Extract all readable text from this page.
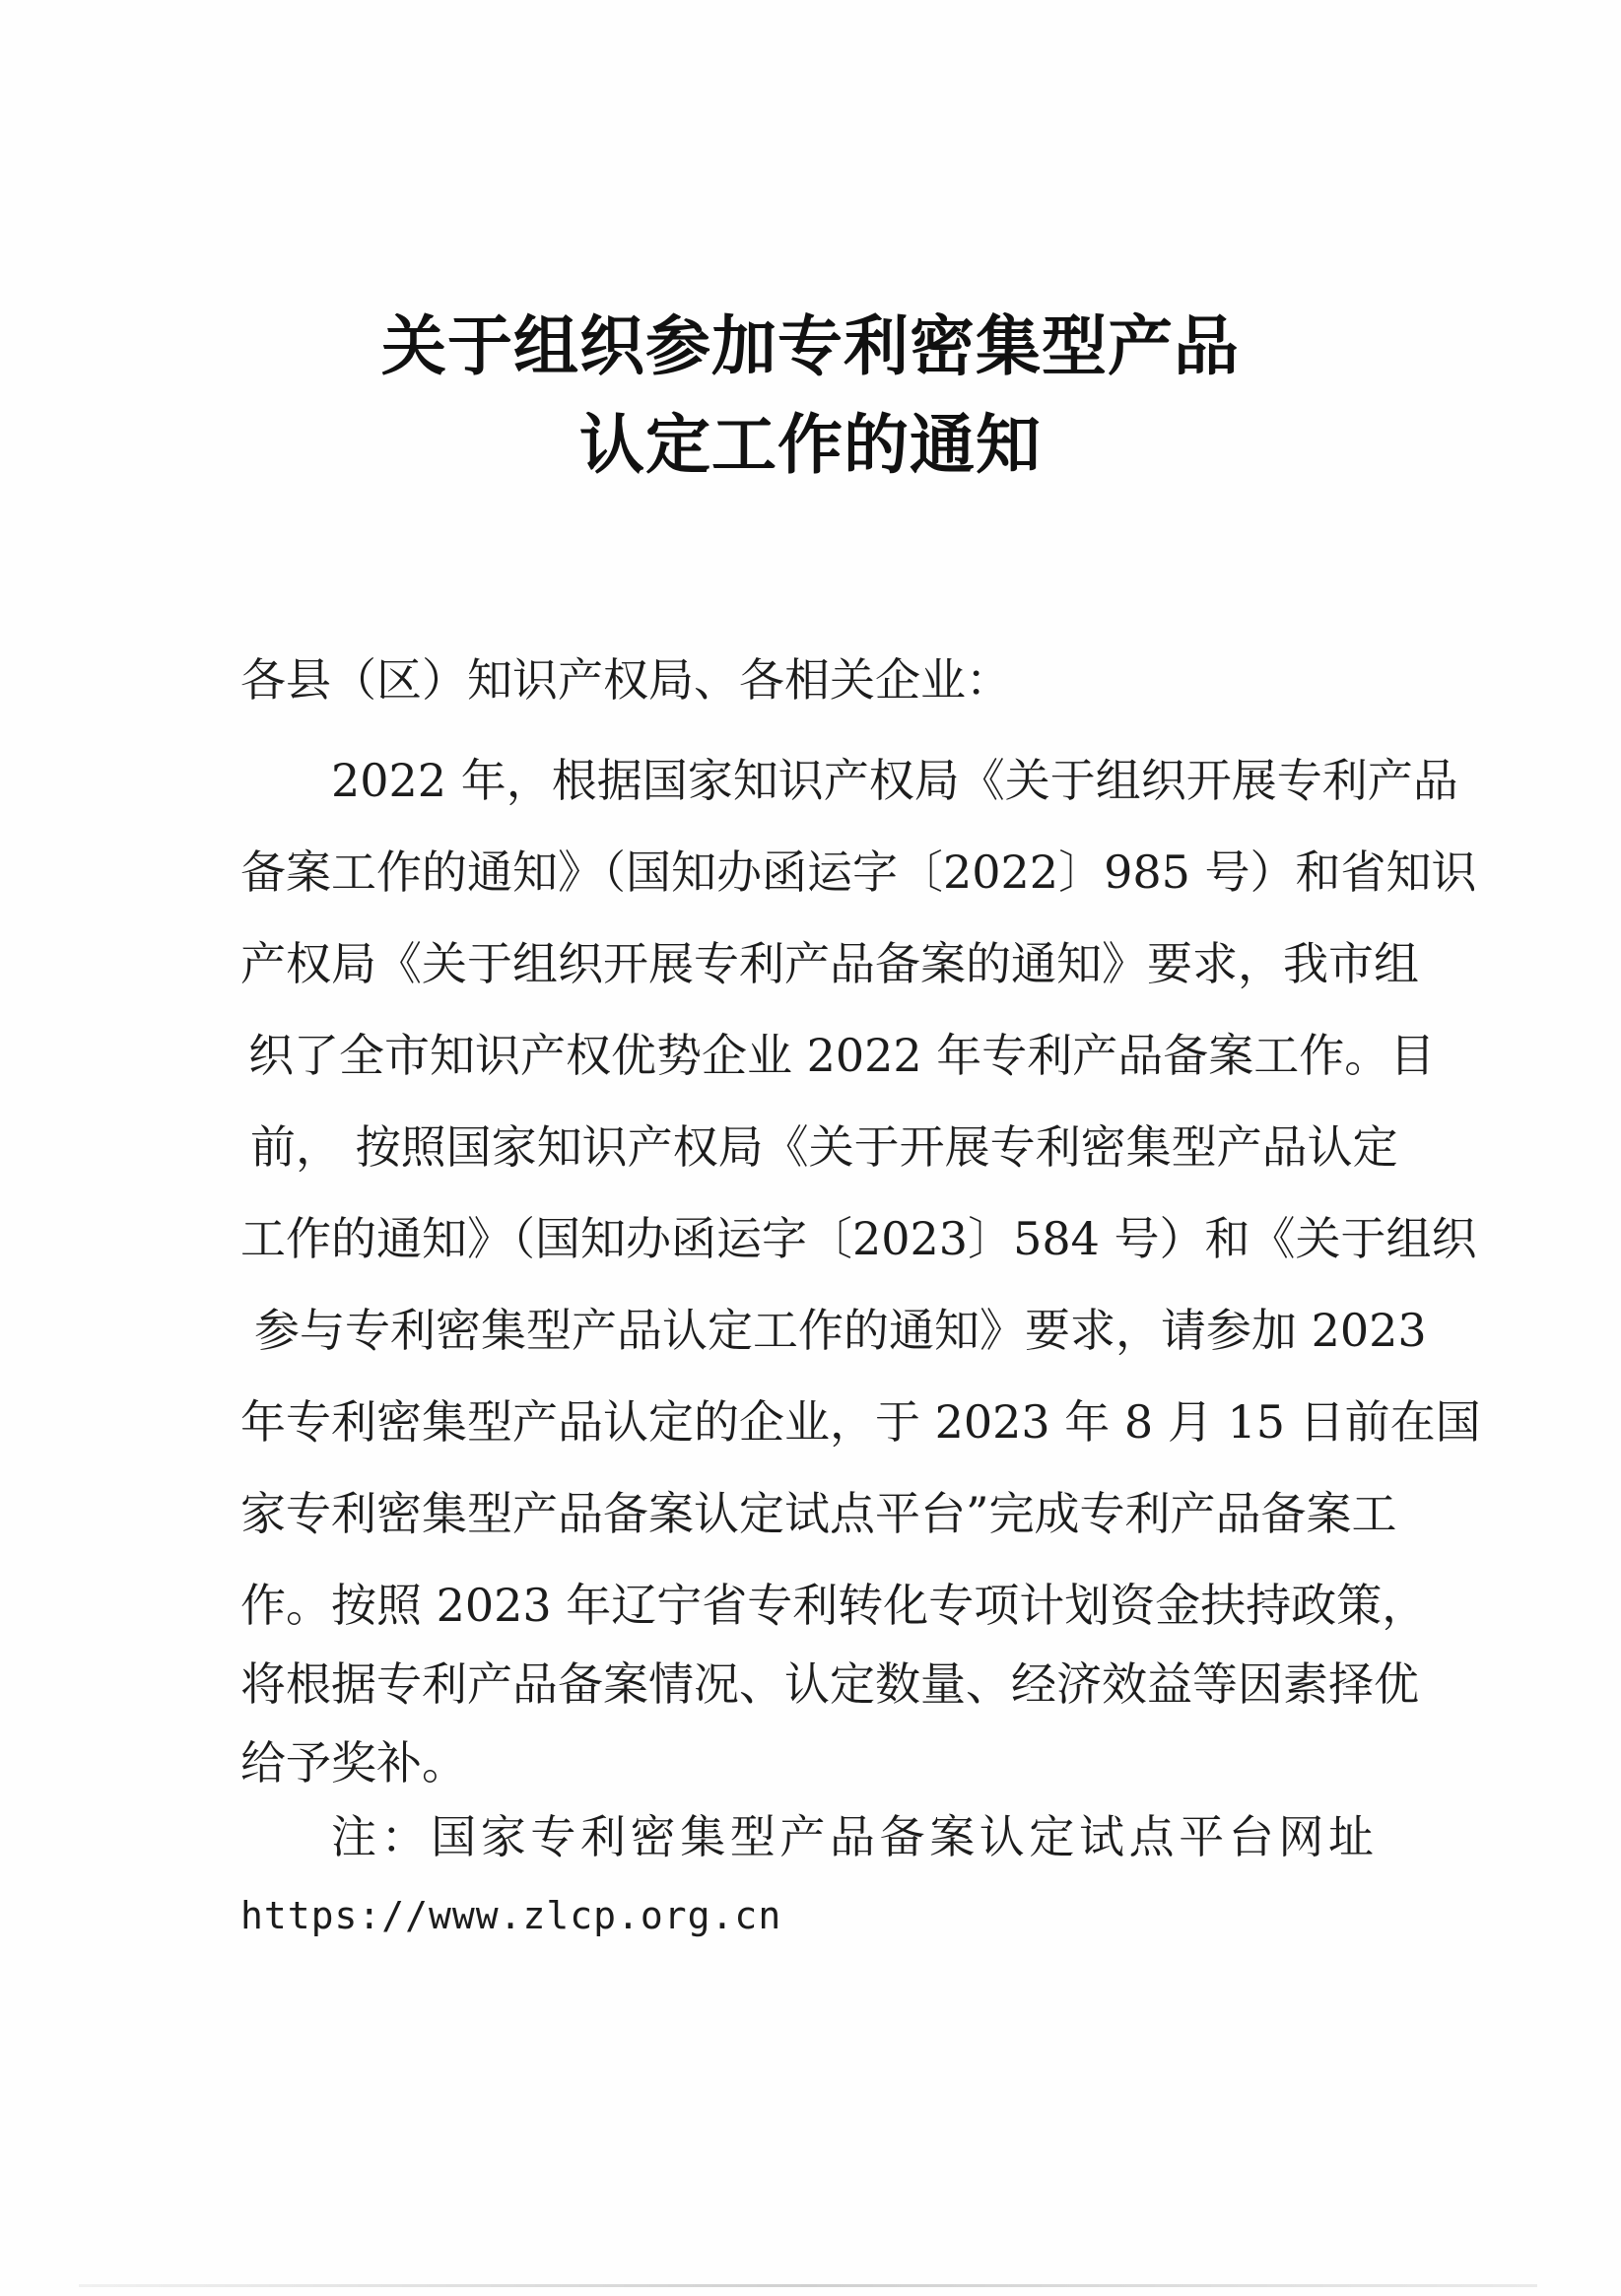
关于组织参加专利密集型产品
认定工作的通知
各县（区）知识产权局、各相关企业：
2022 年，根据国家知识产权局《关于组织开展专利产品
备案工作的通知》（国知办函运字〔2022〕985 号）和省知识
产权局《关于组织开展专利产品备案的通知》要求，我市组
织了全市知识产权优势企业 2022 年专利产品备案工作。目
前， 按照国家知识产权局《关于开展专利密集型产品认定
工作的通知》（国知办函运字〔2023〕584 号）和《关于组织
参与专利密集型产品认定工作的通知》要求，请参加 2023
年专利密集型产品认定的企业，于 2023 年 8 月 15 日前在国
家专利密集型产品备案认定试点平台”完成专利产品备案工
作。按照 2023 年辽宁省专利转化专项计划资金扶持政策，
将根据专利产品备案情况、认定数量、经济效益等因素择优
给予奖补。
注：国家专利密集型产品备案认定试点平台网址
https://www.zlcp.org.cn
